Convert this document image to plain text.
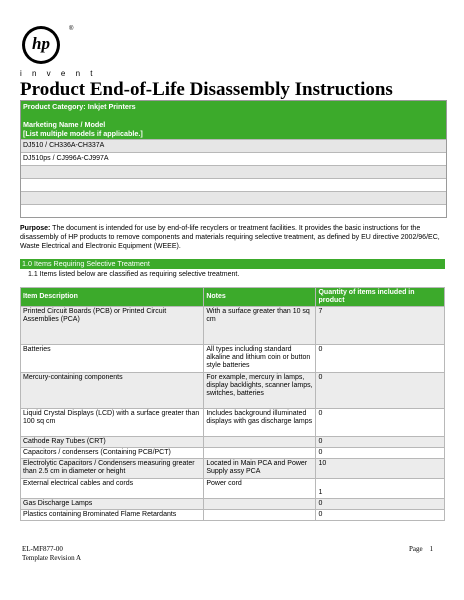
hp
®
i n v e n t
Product End-of-Life Disassembly Instructions
Product Category: Inkjet Printers

Marketing Name / Model
[List multiple models if applicable.]
DJ510 / CH336A-CH337A
DJ510ps / CJ996A-CJ997A
Purpose: The document is intended for use by end-of-life recyclers or treatment facilities. It provides the basic instructions for the disassembly of HP products to remove components and materials requiring selective treatment, as defined by EU directive 2002/96/EC, Waste Electrical and Electronic Equipment (WEEE).
1.0 Items Requiring Selective Treatment
1.1 Items listed below are classified as requiring selective treatment.
Item Description	Notes	Quantity of items included in product
Printed Circuit Boards (PCB) or Printed Circuit Assemblies (PCA)	With a surface greater than 10 sq cm	7
Batteries	All types including standard alkaline and lithium coin or button style batteries	0
Mercury-containing components	For example, mercury in lamps, display backlights, scanner lamps, switches, batteries	0
Liquid Crystal Displays (LCD) with a surface greater than 100 sq cm	Includes background illuminated displays with gas discharge lamps	0
Cathode Ray Tubes (CRT)		0
Capacitors / condensers (Containing PCB/PCT)		0
Electrolytic Capacitors / Condensers measuring greater than 2.5 cm in diameter or height	Located in Main PCA and Power Supply assy PCA	10
External electrical cables and cords	Power cord	1
Gas Discharge Lamps		0
Plastics containing Brominated Flame Retardants		0
EL-MF877-00
Template Revision A
Page 1
